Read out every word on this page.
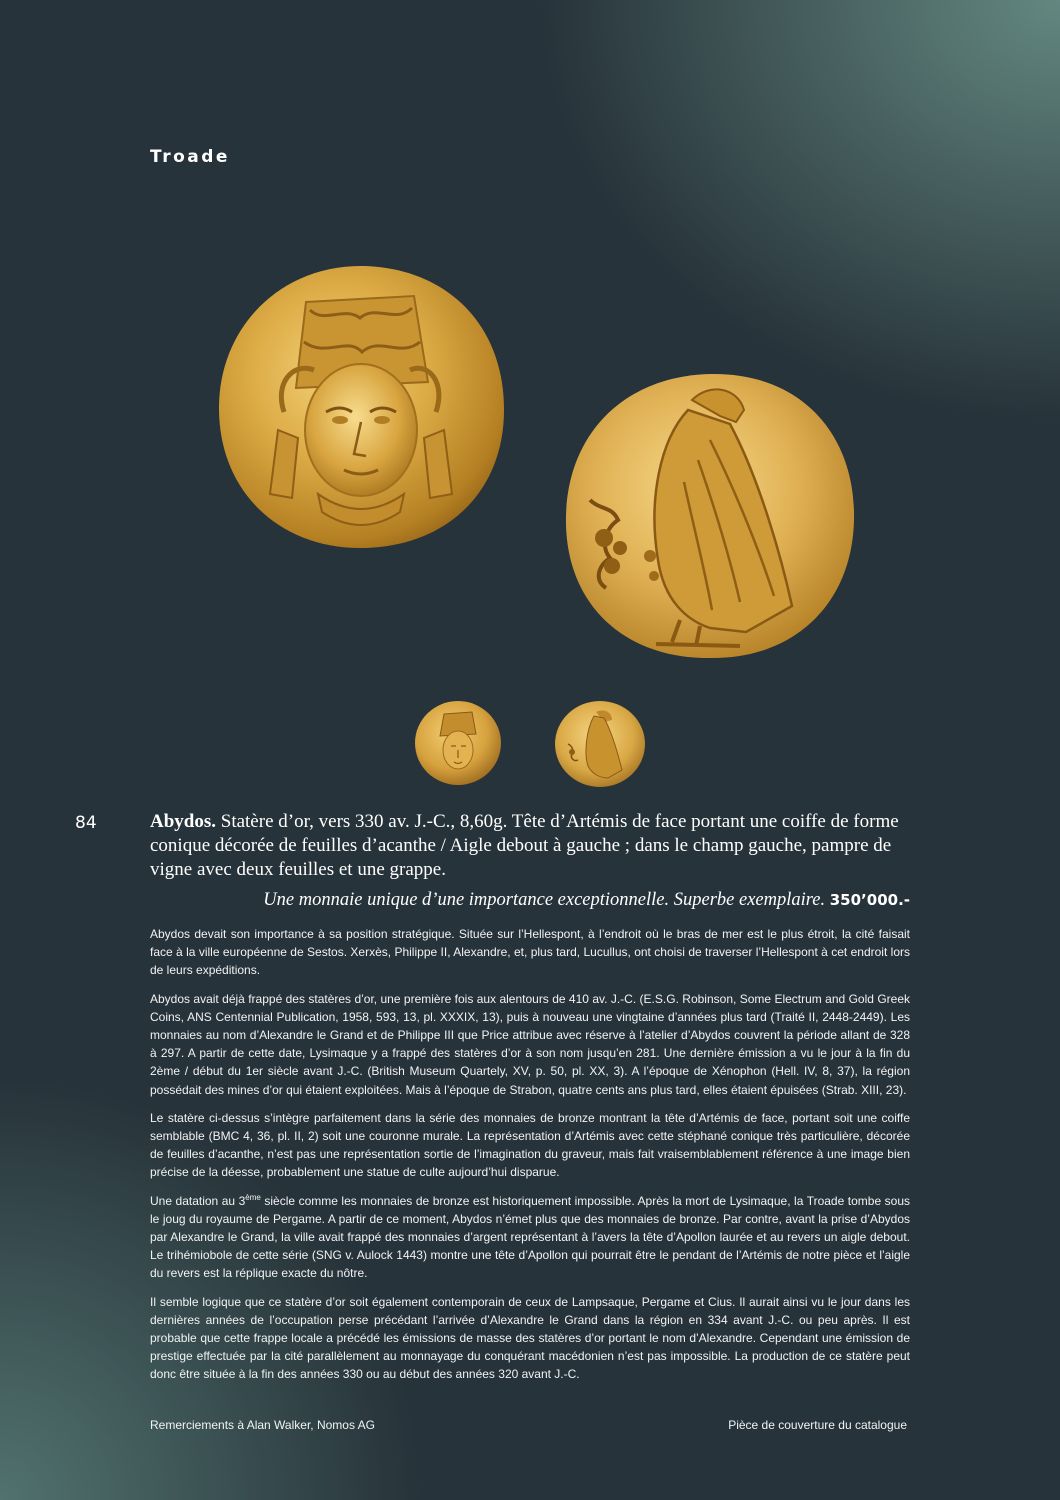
Troade
84	Abydos. Statère d’or, vers 330 av. J.-C., 8,60g. Tête d’Artémis de face portant une coiffe de forme conique décorée de feuilles d’acanthe / Aigle debout à gauche ; dans le champ gauche, pampre de vigne avec deux feuilles et une grappe.
Une monnaie unique d’une importance exceptionnelle. Superbe exemplaire. 350’000.-

Abydos devait son importance à sa position stratégique. Située sur l’Hellespont, à l’endroit où le bras de mer est le plus étroit, la cité faisait face à la ville européenne de Sestos. Xerxès, Philippe II, Alexandre, et, plus tard, Lucullus, ont choisi de traverser l’Hellespont à cet endroit lors de leurs expéditions.

Abydos avait déjà frappé des statères d’or, une première fois aux alentours de 410 av. J.-C. (E.S.G. Robinson, Some Electrum and Gold Greek Coins, ANS Centennial Publication, 1958, 593, 13, pl. XXXIX, 13), puis à nouveau une vingtaine d’années plus tard (Traité II, 2448-2449). Les monnaies au nom d’Alexandre le Grand et de Philippe III que Price attribue avec réserve à l’atelier d’Abydos couvrent la période allant de 328 à 297. A partir de cette date, Lysimaque y a frappé des statères d’or à son nom jusqu’en 281. Une dernière émission a vu le jour à la fin du 2ème / début du 1er siècle avant J.-C. (British Museum Quartely, XV, p. 50, pl. XX, 3). A l’époque de Xénophon (Hell. IV, 8, 37), la région possédait des mines d’or qui étaient exploitées. Mais à l’époque de Strabon, quatre cents ans plus tard, elles étaient épuisées (Strab. XIII, 23).

Le statère ci-dessus s’intègre parfaitement dans la série des monnaies de bronze montrant la tête d’Artémis de face, portant soit une coiffe semblable (BMC 4, 36, pl. II, 2) soit une couronne murale. La représentation d’Artémis avec cette stéphané conique très particulière, décorée de feuilles d’acanthe, n’est pas une représentation sortie de l’imagination du graveur, mais fait vraisemblablement référence à une image bien précise de la déesse, probablement une statue de culte aujourd’hui disparue.

Une datation au 3ème siècle comme les monnaies de bronze est historiquement impossible. Après la mort de Lysimaque, la Troade tombe sous le joug du royaume de Pergame. A partir de ce moment, Abydos n’émet plus que des monnaies de bronze. Par contre, avant la prise d’Abydos par Alexandre le Grand, la ville avait frappé des monnaies d’argent représentant à l’avers la tête d’Apollon laurée et au revers un aigle debout. Le trihémiobole de cette série (SNG v. Aulock 1443) montre une tête d’Apollon qui pourrait être le pendant de l’Artémis de notre pièce et l’aigle du revers est la réplique exacte du nôtre.

Il semble logique que ce statère d’or soit également contemporain de ceux de Lampsaque, Pergame et Cius. Il aurait ainsi vu le jour dans les dernières années de l’occupation perse précédant l’arrivée d’Alexandre le Grand dans la région en 334 avant J.-C. ou peu après. Il est probable que cette frappe locale a précédé les émissions de masse des statères d’or portant le nom d’Alexandre. Cependant une émission de prestige effectuée par la cité parallèlement au monnayage du conquérant macédonien n’est pas impossible. La production de ce statère peut donc être située à la fin des années 330 ou au début des années 320 avant J.-C.

Remerciements à Alan Walker, Nomos AG	Pièce de couverture du catalogue
